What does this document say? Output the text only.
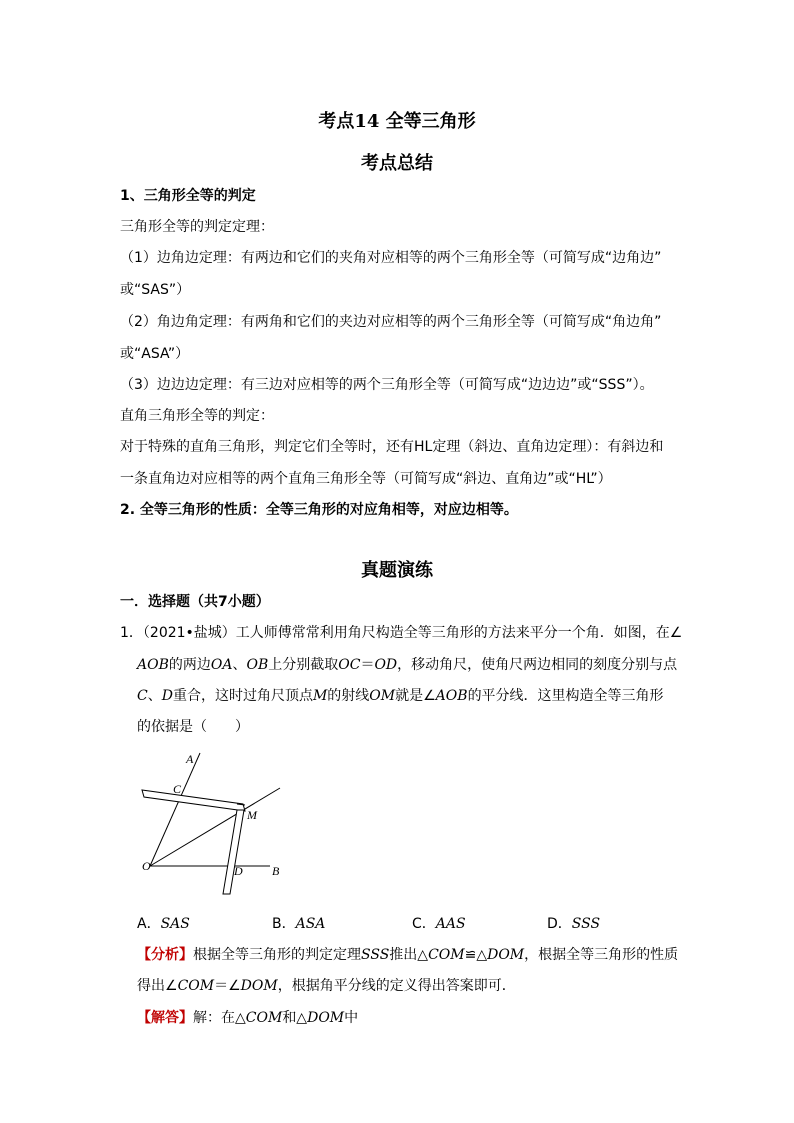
考点14 全等三角形
考点总结
1、三角形全等的判定
三角形全等的判定定理：
（1）边角边定理：有两边和它们的夹角对应相等的两个三角形全等（可简写成“边角边”
或“SAS”）
（2）角边角定理：有两角和它们的夹边对应相等的两个三角形全等（可简写成“角边角”
或“ASA”）
（3）边边边定理：有三边对应相等的两个三角形全等（可简写成“边边边”或“SSS”）。
直角三角形全等的判定：
对于特殊的直角三角形，判定它们全等时，还有HL定理（斜边、直角边定理）：有斜边和
一条直角边对应相等的两个直角三角形全等（可简写成“斜边、直角边”或“HL”）
2. 全等三角形的性质：全等三角形的对应角相等，对应边相等。
真题演练
一．选择题（共7小题）
1．（2021•盐城）工人师傅常常利用角尺构造全等三角形的方法来平分一个角．如图，在∠
AOB的两边OA、OB上分别截取OC＝OD，移动角尺，使角尺两边相同的刻度分别与点
C、D重合，这时过角尺顶点M的射线OM就是∠AOB的平分线．这里构造全等三角形
的依据是（　　）
A
C
M
O	D B
A．SAS	B．ASA	C．AAS	D．SSS
【分析】根据全等三角形的判定定理SSS推出△COM≌△DOM，根据全等三角形的性质
得出∠COM＝∠DOM，根据角平分线的定义得出答案即可．
【解答】解：在△COM和△DOM中
